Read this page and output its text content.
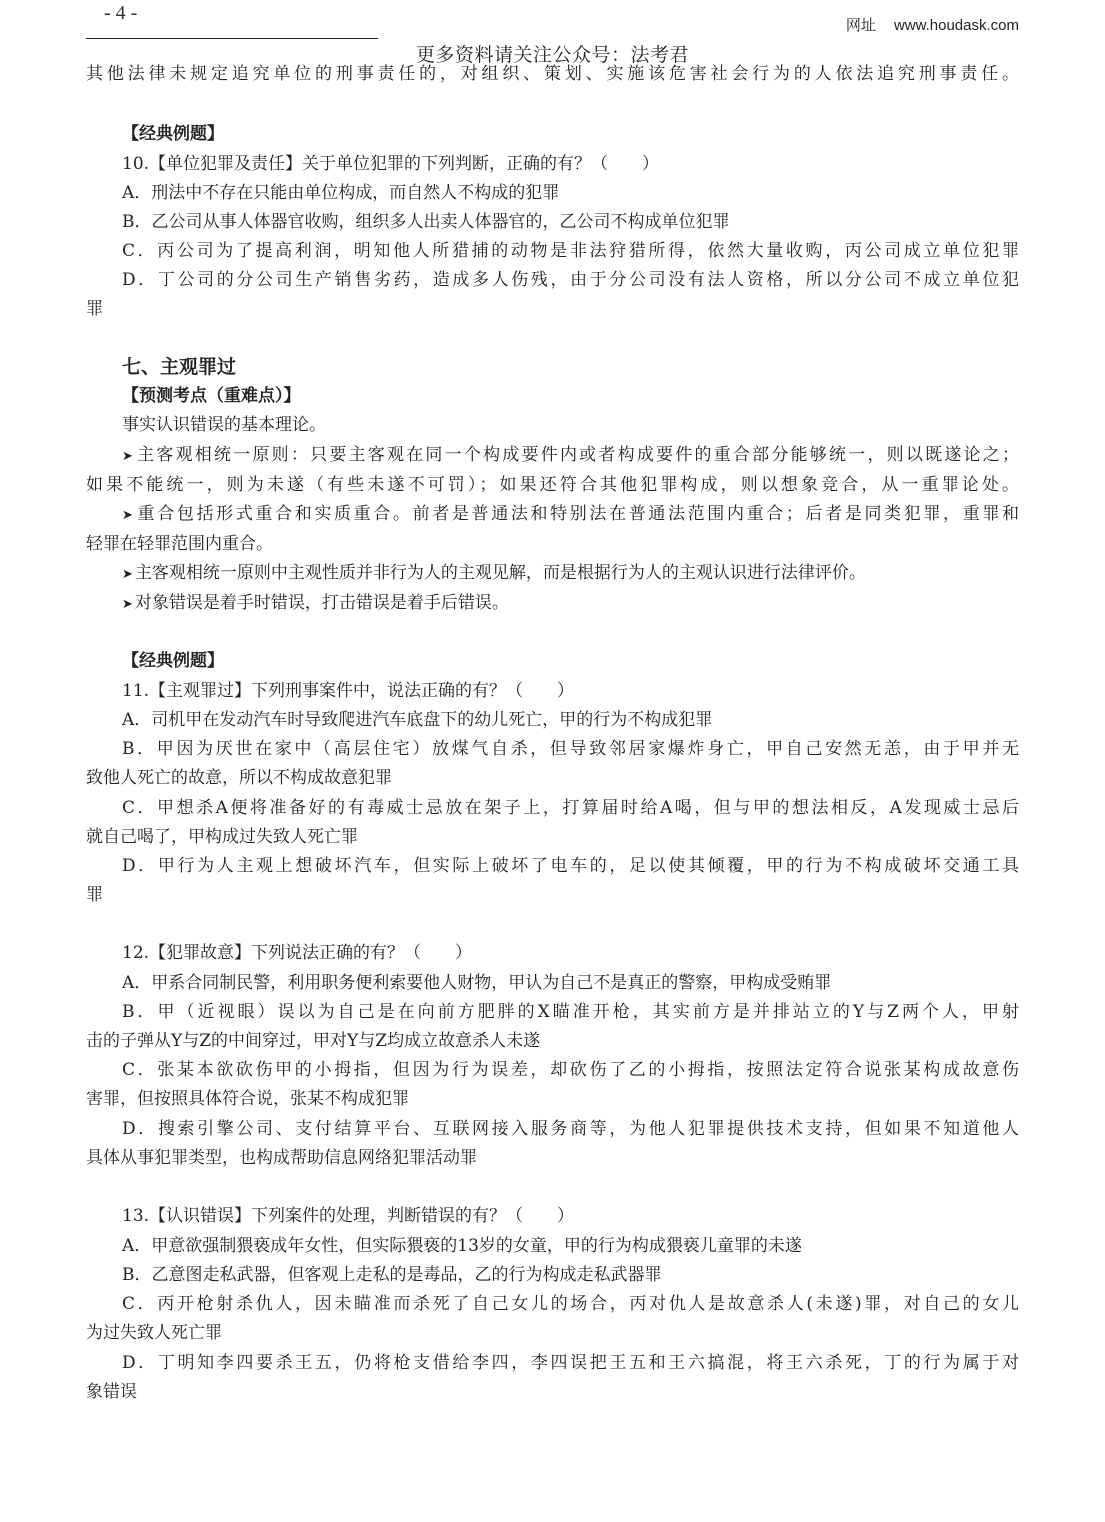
- 4 -
网址 www.houdask.com
更多资料请关注公众号：法考君
其他法律未规定追究单位的刑事责任的，对组织、策划、实施该危害社会行为的人依法追究刑事责任。
【经典例题】
10.【单位犯罪及责任】关于单位犯罪的下列判断，正确的有？（　　）
A．刑法中不存在只能由单位构成，而自然人不构成的犯罪
B．乙公司从事人体器官收购，组织多人出卖人体器官的，乙公司不构成单位犯罪
C．丙公司为了提高利润，明知他人所猎捕的动物是非法狩猎所得，依然大量收购，丙公司成立单位犯罪
D．丁公司的分公司生产销售劣药，造成多人伤残，由于分公司没有法人资格，所以分公司不成立单位犯
罪
七、主观罪过
【预测考点（重难点）】
事实认识错误的基本理论。
➤ 主客观相统一原则：只要主客观在同一个构成要件内或者构成要件的重合部分能够统一，则以既遂论之；
如果不能统一，则为未遂（有些未遂不可罚）；如果还符合其他犯罪构成，则以想象竞合，从一重罪论处。
➤ 重合包括形式重合和实质重合。前者是普通法和特别法在普通法范围内重合；后者是同类犯罪，重罪和
轻罪在轻罪范围内重合。
➤ 主客观相统一原则中主观性质并非行为人的主观见解，而是根据行为人的主观认识进行法律评价。
➤ 对象错误是着手时错误，打击错误是着手后错误。
【经典例题】
11.【主观罪过】下列刑事案件中，说法正确的有？（　　）
A．司机甲在发动汽车时导致爬进汽车底盘下的幼儿死亡，甲的行为不构成犯罪
B．甲因为厌世在家中（高层住宅）放煤气自杀，但导致邻居家爆炸身亡，甲自己安然无恙，由于甲并无
致他人死亡的故意，所以不构成故意犯罪
C．甲想杀A便将准备好的有毒威士忌放在架子上，打算届时给A喝，但与甲的想法相反，A发现威士忌后
就自己喝了，甲构成过失致人死亡罪
D．甲行为人主观上想破坏汽车，但实际上破坏了电车的，足以使其倾覆，甲的行为不构成破坏交通工具
罪
12.【犯罪故意】下列说法正确的有？（　　）
A．甲系合同制民警，利用职务便利索要他人财物，甲认为自己不是真正的警察，甲构成受贿罪
B．甲（近视眼）误以为自己是在向前方肥胖的X瞄准开枪，其实前方是并排站立的Y与Z两个人，甲射
击的子弹从Y与Z的中间穿过，甲对Y与Z均成立故意杀人未遂
C．张某本欲砍伤甲的小拇指，但因为行为误差，却砍伤了乙的小拇指，按照法定符合说张某构成故意伤
害罪，但按照具体符合说，张某不构成犯罪
D．搜索引擎公司、支付结算平台、互联网接入服务商等，为他人犯罪提供技术支持，但如果不知道他人
具体从事犯罪类型，也构成帮助信息网络犯罪活动罪
13.【认识错误】下列案件的处理，判断错误的有？（　　）
A．甲意欲强制猥亵成年女性，但实际猥亵的13岁的女童，甲的行为构成猥亵儿童罪的未遂
B．乙意图走私武器，但客观上走私的是毒品，乙的行为构成走私武器罪
C．丙开枪射杀仇人，因未瞄准而杀死了自己女儿的场合，丙对仇人是故意杀人(未遂)罪，对自己的女儿
为过失致人死亡罪
D．丁明知李四要杀王五，仍将枪支借给李四，李四误把王五和王六搞混，将王六杀死，丁的行为属于对
象错误
